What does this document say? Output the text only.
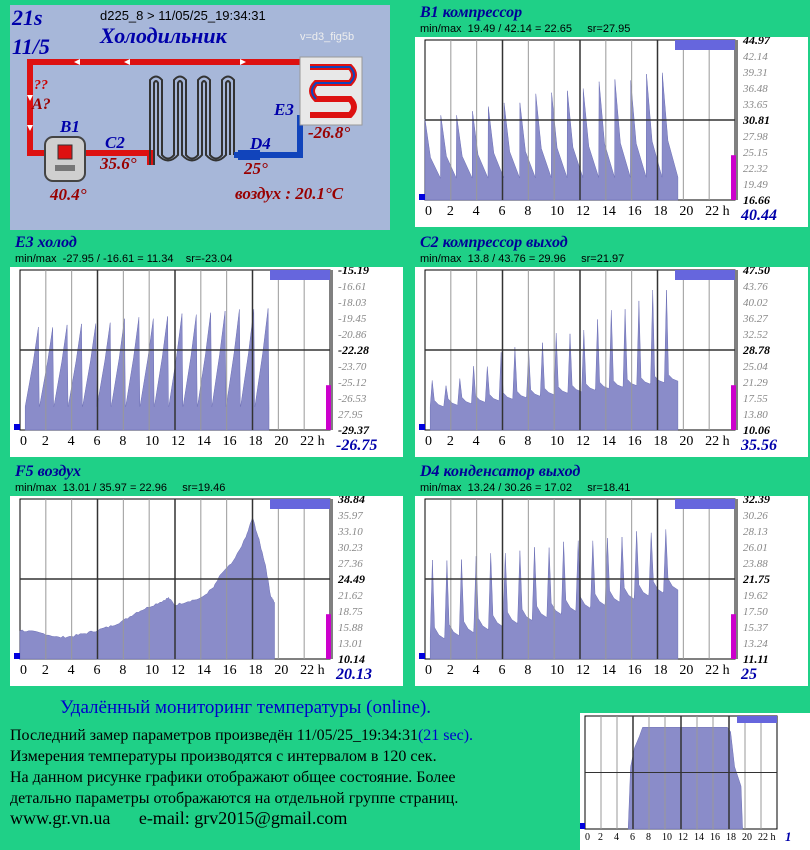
21s
11/5
d225_8 > 11/05/25_19:34:31
Холодильник	v=d3_fig5b
??
A?
B1
40.4°
C2
35.6°
D4
25°
E3
-26.8°
воздух : 20.1°C
B1 компрессор
min/max  19.49 / 42.14 = 22.65     sr=27.95
44.97
42.14
39.31
36.48
33.65
30.81
27.98
25.15
22.32
19.49
16.66
0 2 4 6 8 10 12 14 16 18 20 22 h 40.44
E3 холод
min/max  -27.95 / -16.61 = 11.34    sr=-23.04
-15.19
-16.61
-18.03
-19.45
-20.86
-22.28
-23.70
-25.12
-26.53
27.95
-29.37
0 2 4 6 8 10 12 14 16 18 20 22 h -26.75
C2 компрессор выход
min/max  13.8 / 43.76 = 29.96     sr=21.97
47.50
43.76
40.02
36.27
32.52
28.78
25.04
21.29
17.55
13.80
10.06
0 2 4 6 8 10 12 14 16 18 20 22 h 35.56
F5 воздух
min/max  13.01 / 35.97 = 22.96     sr=19.46
38.84
35.97
33.10
30.23
27.36
24.49
21.62
18.75
15.88
13.01
10.14
0 2 4 6 8 10 12 14 16 18 20 22 h 20.13
D4 конденсатор выход
min/max  13.24 / 30.26 = 17.02     sr=18.41
32.39
30.26
28.13
26.01
23.88
21.75
19.62
17.50
15.37
13.24
11.11
0 2 4 6 8 10 12 14 16 18 20 22 h 25
0 2 4 6 8 10 12 14 16 18 20 22 h 1
Удалённый мониторинг температуры (online).
Последний замер параметров произведён 11/05/25_19:34:31(21 sec).
Измерения температуры производятся с интервалом в 120 сек.
На данном рисунке графики отображают общее состояние. Более
детально параметры отображаются на отдельной группе страниц.
www.gr.vn.ua e-mail: grv2015@gmail.com
